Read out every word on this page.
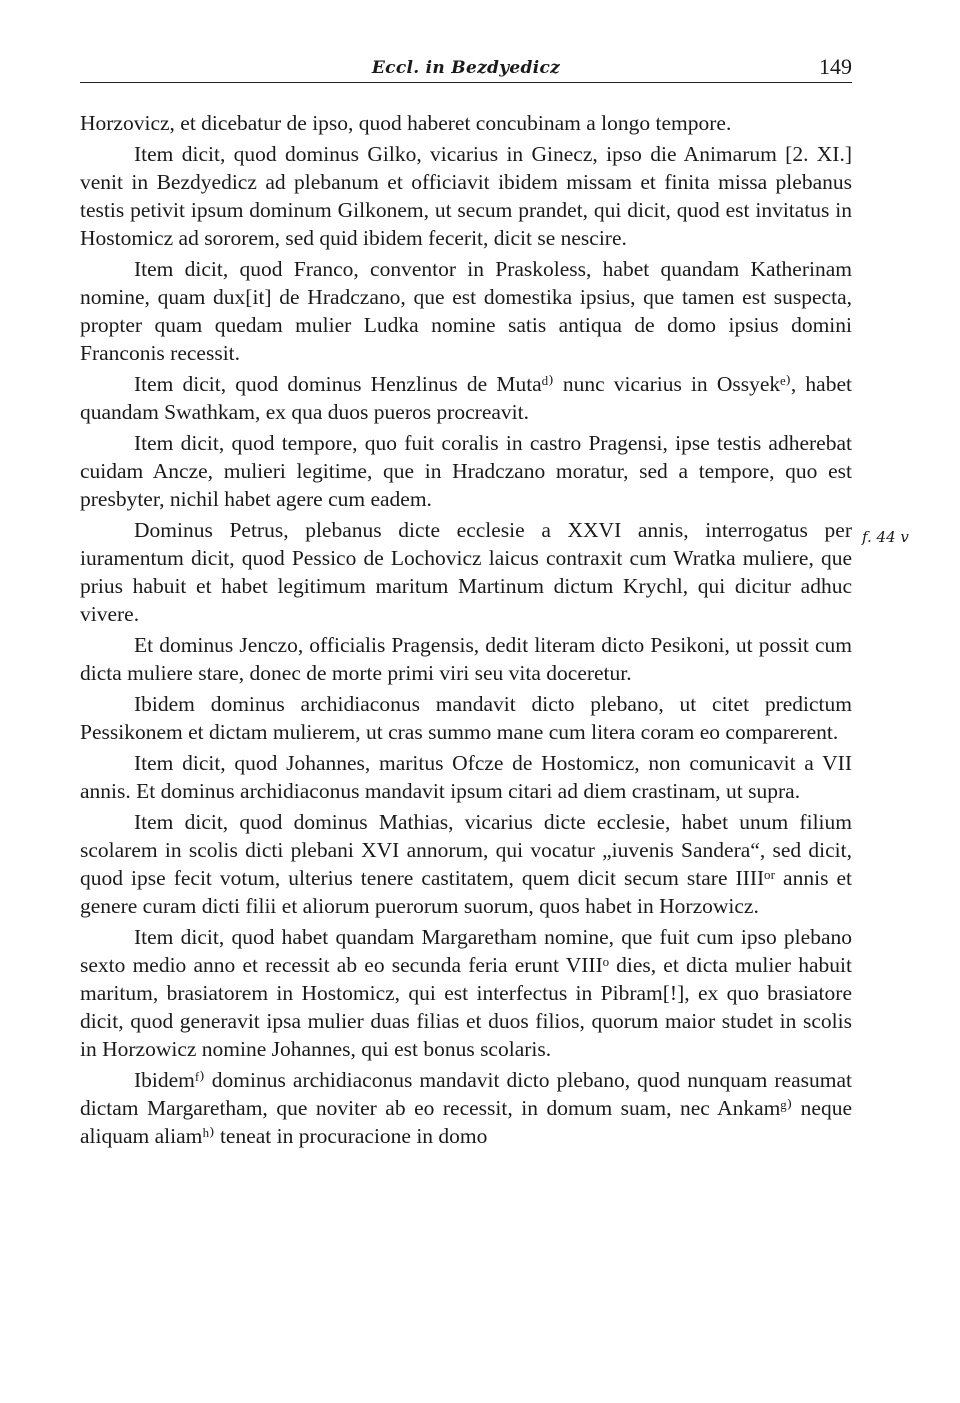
Eccl. in Bezdyedicz	149
f. 44 v

Horzovicz, et dicebatur de ipso, quod haberet concubinam a longo tempore.

Item dicit, quod dominus Gilko, vicarius in Ginecz, ipso die Animarum [2. XI.] venit in Bezdyedicz ad plebanum et officiavit ibidem missam et finita missa plebanus testis petivit ipsum dominum Gilkonem, ut secum prandet, qui dicit, quod est invitatus in Hostomicz ad sororem, sed quid ibidem fecerit, dicit se nescire.

Item dicit, quod Franco, conventor in Praskoless, habet quandam Katherinam nomine, quam dux[it] de Hradczano, que est domestika ipsius, que tamen est suspecta, propter quam quedam mulier Ludka nomine satis antiqua de domo ipsius domini Franconis recessit.

Item dicit, quod dominus Henzlinus de Mutaᵈ⁾ nunc vicarius in Ossyekᵉ⁾, habet quandam Swathkam, ex qua duos pueros procreavit.

Item dicit, quod tempore, quo fuit coralis in castro Pragensi, ipse testis adherebat cuidam Ancze, mulieri legitime, que in Hradczano moratur, sed a tempore, quo est presbyter, nichil habet agere cum eadem.

Dominus Petrus, plebanus dicte ecclesie a XXVI annis, interrogatus per iuramentum dicit, quod Pessico de Lochovicz laicus contraxit cum Wratka muliere, que prius habuit et habet legitimum maritum Martinum dictum Krychl, qui dicitur adhuc vivere.

Et dominus Jenczo, officialis Pragensis, dedit literam dicto Pesikoni, ut possit cum dicta muliere stare, donec de morte primi viri seu vita doceretur.

Ibidem dominus archidiaconus mandavit dicto plebano, ut citet predictum Pessikonem et dictam mulierem, ut cras summo mane cum litera coram eo comparerent.

Item dicit, quod Johannes, maritus Ofcze de Hostomicz, non comunicavit a VII annis. Et dominus archidiaconus mandavit ipsum citari ad diem crastinam, ut supra.

Item dicit, quod dominus Mathias, vicarius dicte ecclesie, habet unum filium scolarem in scolis dicti plebani XVI annorum, qui vocatur „iuvenis Sandera“, sed dicit, quod ipse fecit votum, ulterius tenere castitatem, quem dicit secum stare IIIIᵒʳ annis et genere curam dicti filii et aliorum puerorum suorum, quos habet in Horzowicz.

Item dicit, quod habet quandam Margaretham nomine, que fuit cum ipso plebano sexto medio anno et recessit ab eo secunda feria erunt VIIIᵒ dies, et dicta mulier habuit maritum, brasiatorem in Hostomicz, qui est interfectus in Pibram[!], ex quo brasiatore dicit, quod generavit ipsa mulier duas filias et duos filios, quorum maior studet in scolis in Horzowicz nomine Johannes, qui est bonus scolaris.

Ibidemᶠ⁾ dominus archidiaconus mandavit dicto plebano, quod nunquam reasumat dictam Margaretham, que noviter ab eo recessit, in domum suam, nec Ankamᵍ⁾ neque aliquam aliamʰ⁾ teneat in procuracione in domo
